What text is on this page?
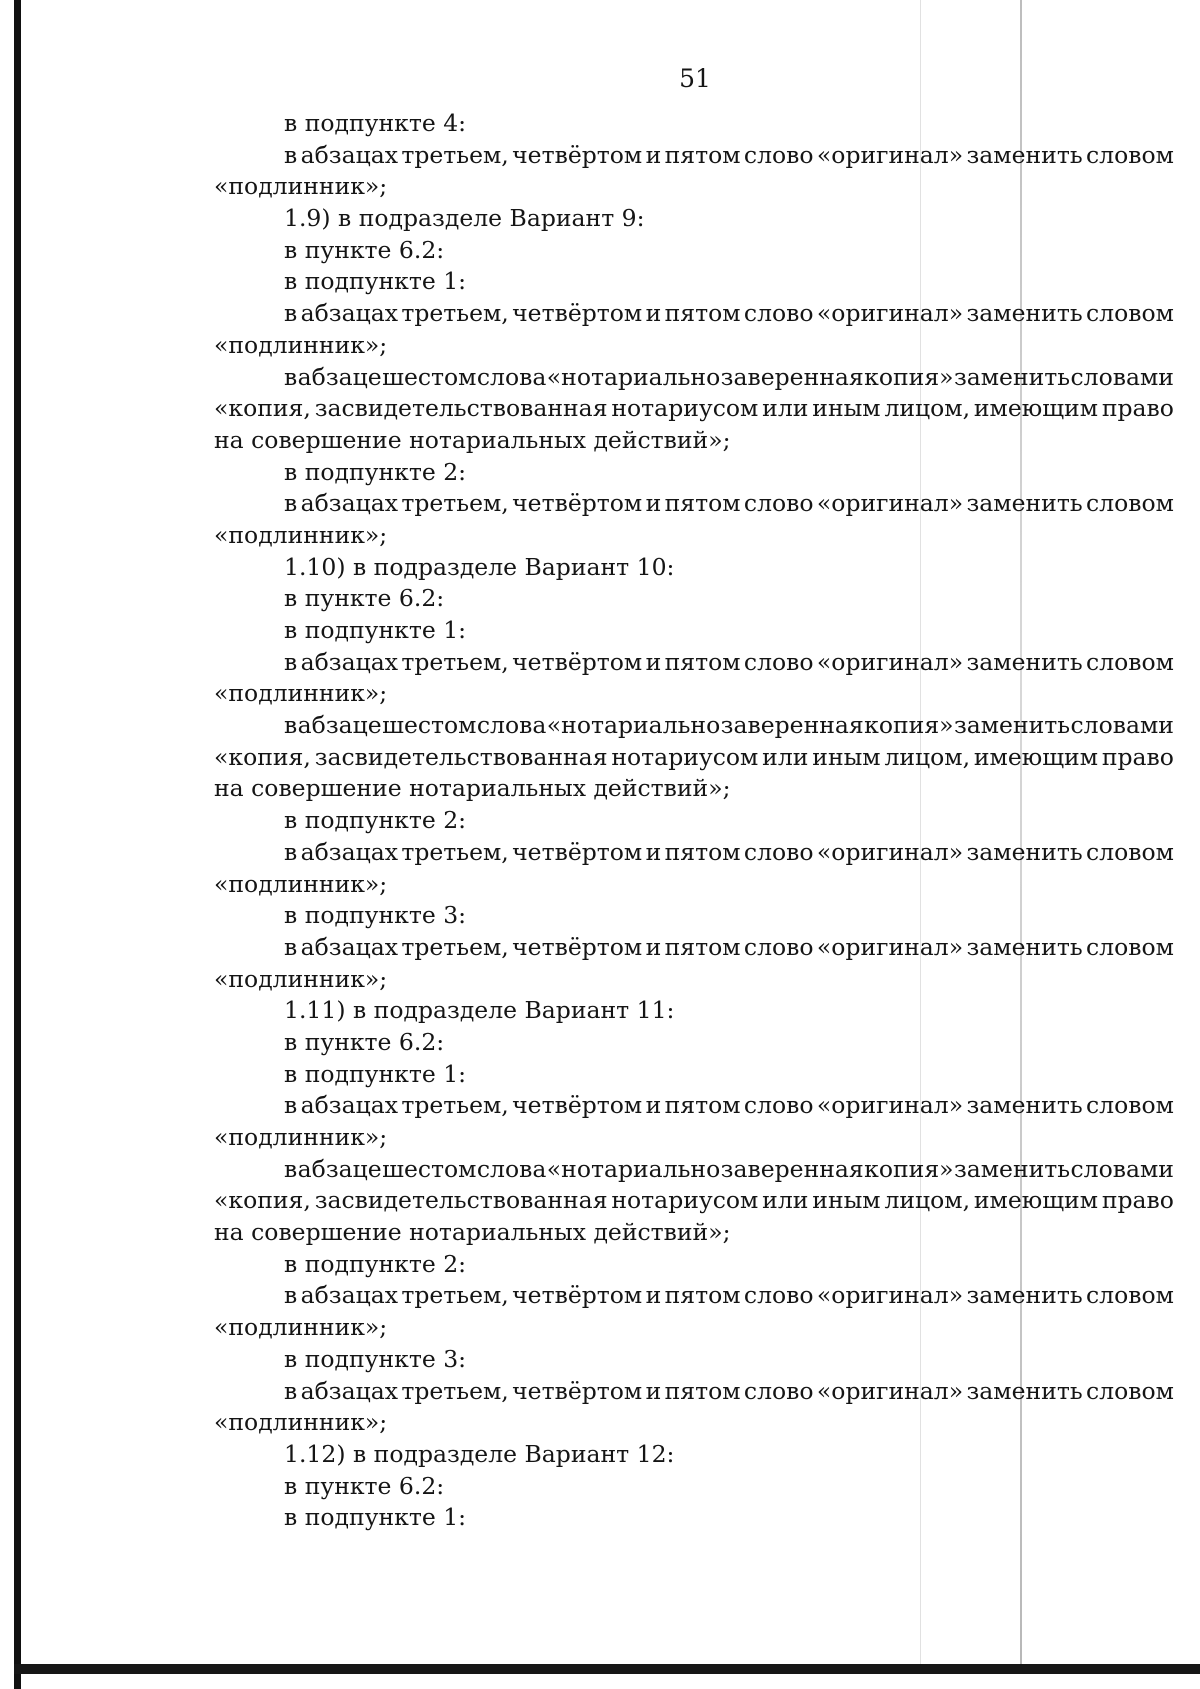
51
в подпункте 4:
в абзацах третьем, четвёртом и пятом слово «оригинал» заменить словом
«подлинник»;
1.9) в подразделе Вариант 9:
в пункте 6.2:
в подпункте 1:
в абзацах третьем, четвёртом и пятом слово «оригинал» заменить словом
«подлинник»;
в абзаце шестом слова «нотариально заверенная копия» заменить словами
«копия, засвидетельствованная нотариусом или иным лицом, имеющим право
на совершение нотариальных действий»;
в подпункте 2:
в абзацах третьем, четвёртом и пятом слово «оригинал» заменить словом
«подлинник»;
1.10) в подразделе Вариант 10:
в пункте 6.2:
в подпункте 1:
в абзацах третьем, четвёртом и пятом слово «оригинал» заменить словом
«подлинник»;
в абзаце шестом слова «нотариально заверенная копия» заменить словами
«копия, засвидетельствованная нотариусом или иным лицом, имеющим право
на совершение нотариальных действий»;
в подпункте 2:
в абзацах третьем, четвёртом и пятом слово «оригинал» заменить словом
«подлинник»;
в подпункте 3:
в абзацах третьем, четвёртом и пятом слово «оригинал» заменить словом
«подлинник»;
1.11) в подразделе Вариант 11:
в пункте 6.2:
в подпункте 1:
в абзацах третьем, четвёртом и пятом слово «оригинал» заменить словом
«подлинник»;
в абзаце шестом слова «нотариально заверенная копия» заменить словами
«копия, засвидетельствованная нотариусом или иным лицом, имеющим право
на совершение нотариальных действий»;
в подпункте 2:
в абзацах третьем, четвёртом и пятом слово «оригинал» заменить словом
«подлинник»;
в подпункте 3:
в абзацах третьем, четвёртом и пятом слово «оригинал» заменить словом
«подлинник»;
1.12) в подразделе Вариант 12:
в пункте 6.2:
в подпункте 1:
